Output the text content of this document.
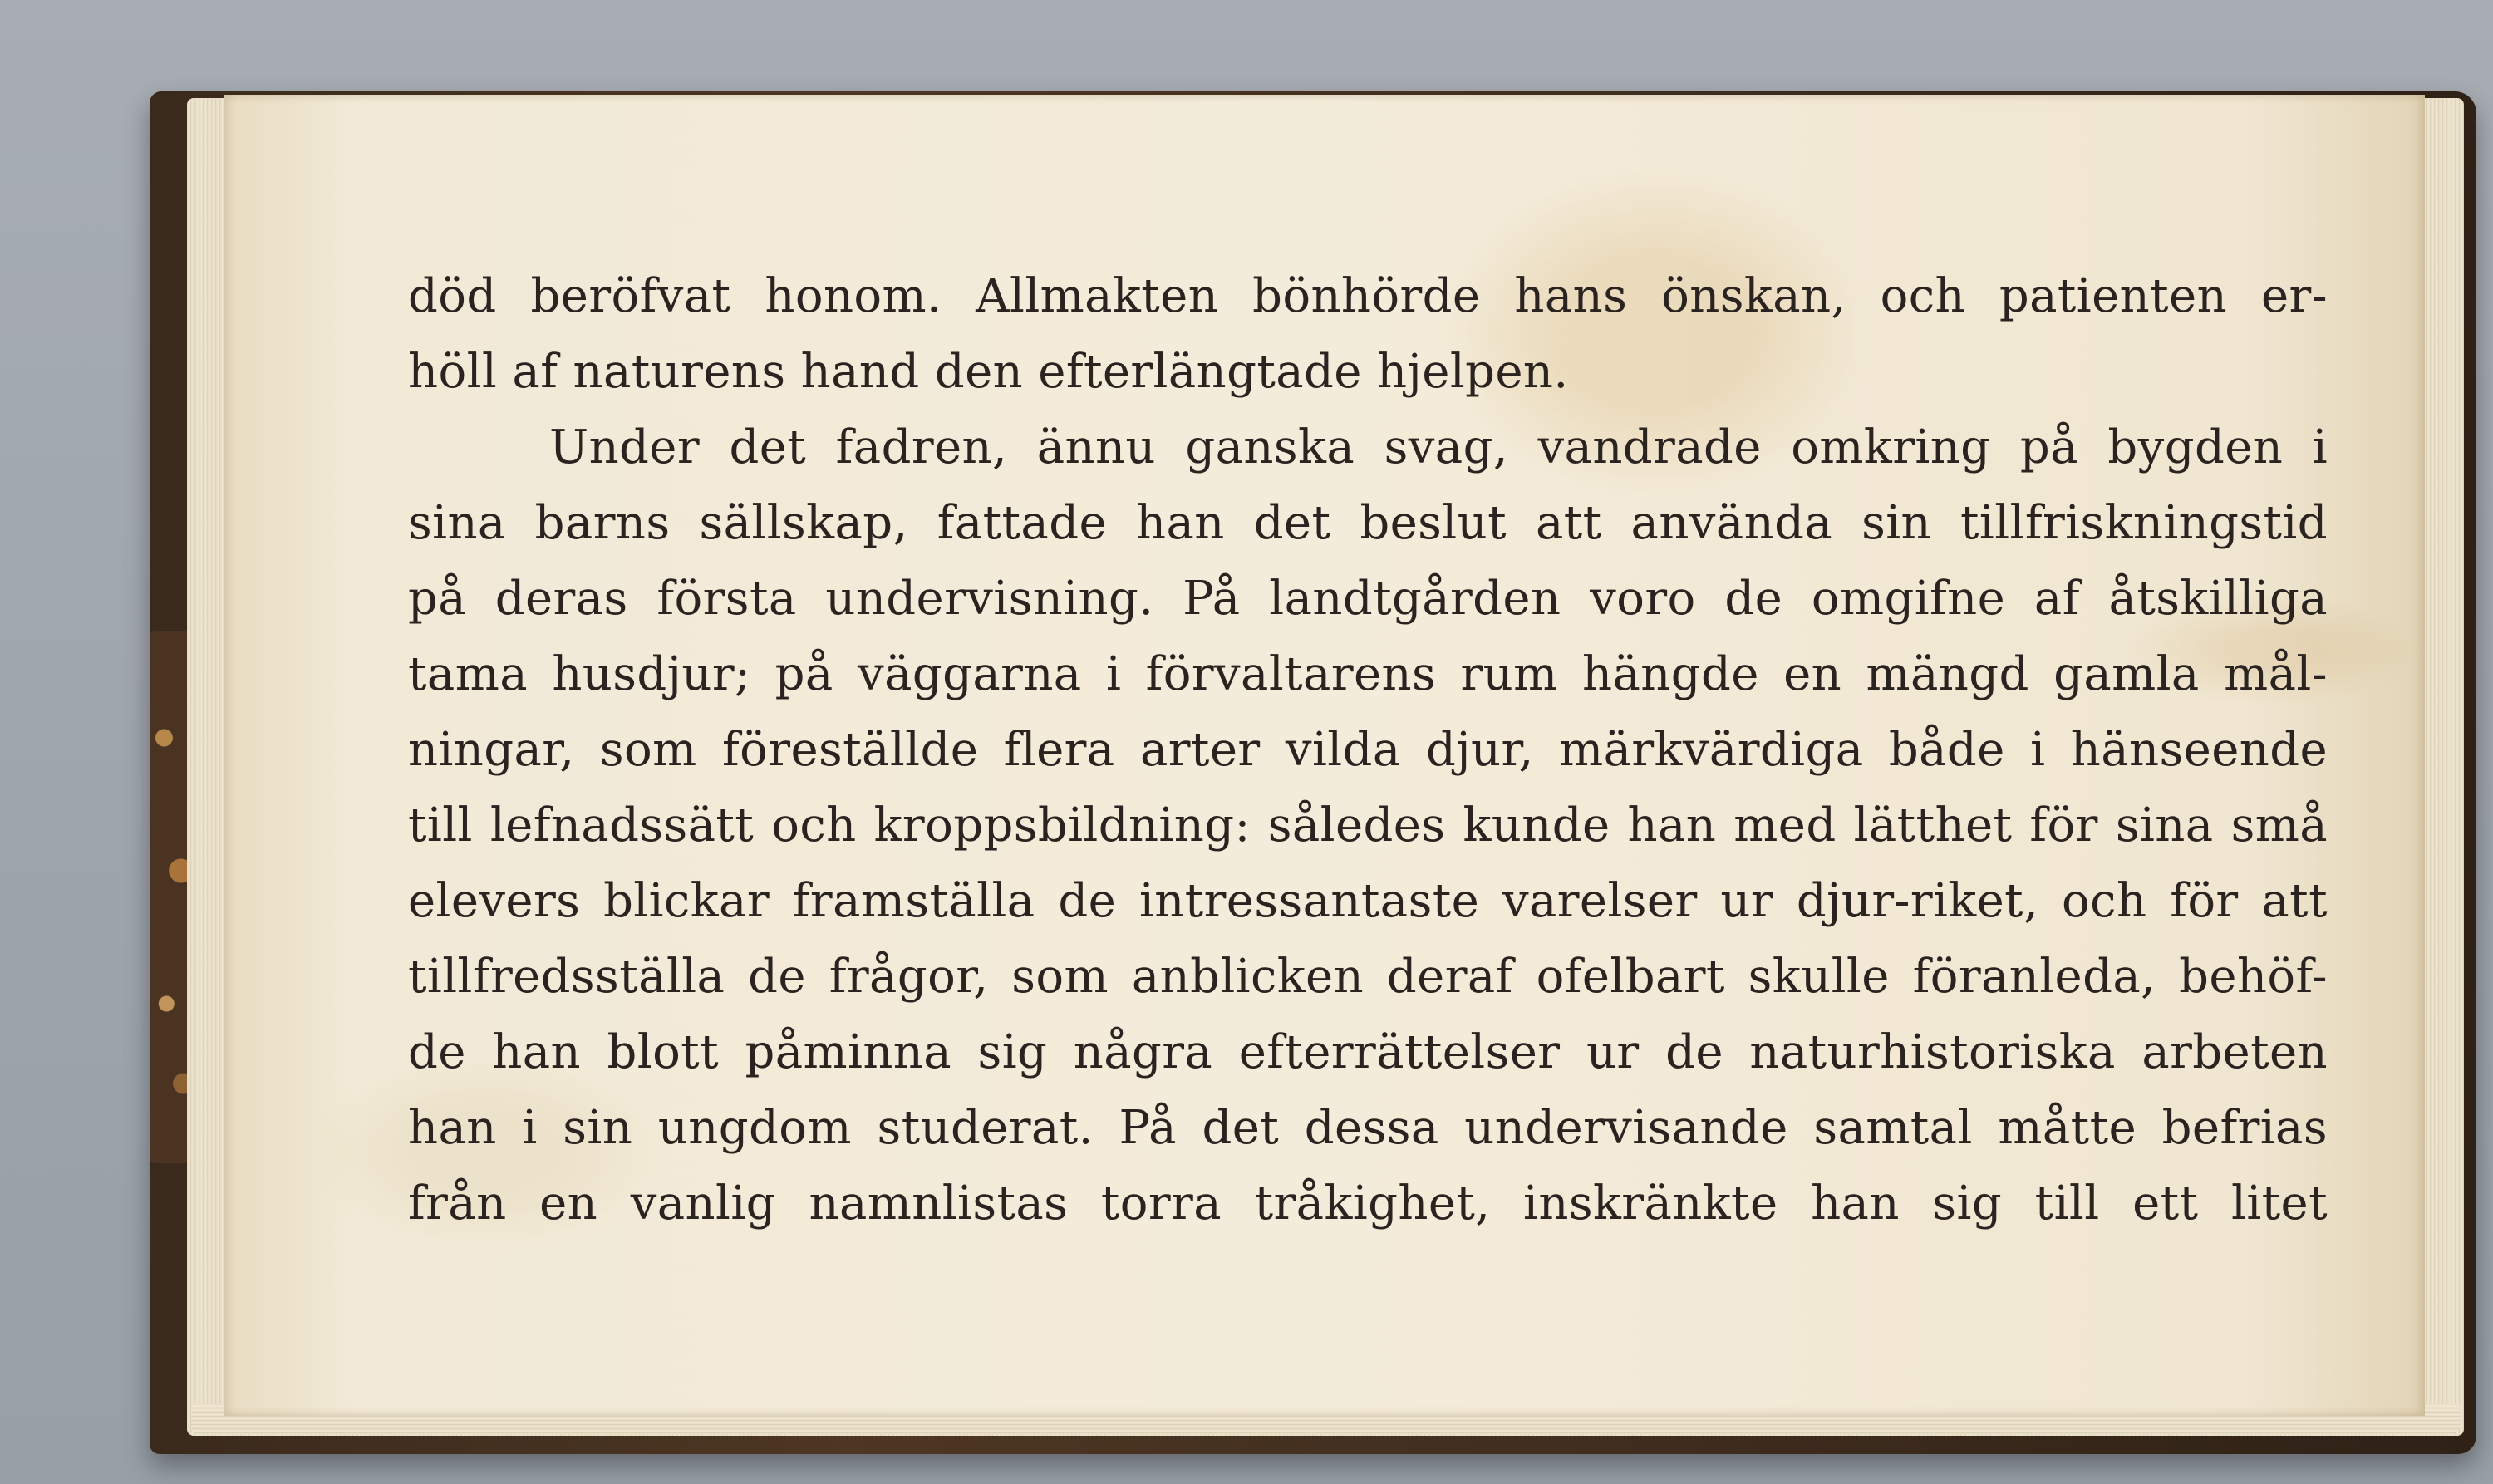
död beröfvat honom. Allmakten bönhörde hans önskan, och patienten er-
höll af naturens hand den efterlängtade hjelpen.
Under det fadren, ännu ganska svag, vandrade omkring på bygden i
sina barns sällskap, fattade han det beslut att använda sin tillfriskningstid
på deras första undervisning. På landtgården voro de omgifne af åtskilliga
tama husdjur; på väggarna i förvaltarens rum hängde en mängd gamla mål-
ningar, som föreställde flera arter vilda djur, märkvärdiga både i hänseende
till lefnadssätt och kroppsbildning: således kunde han med lätthet för sina små
elevers blickar framställa de intressantaste varelser ur djur-riket, och för att
tillfredsställa de frågor, som anblicken deraf ofelbart skulle föranleda, behöf-
de han blott påminna sig några efterrättelser ur de naturhistoriska arbeten
han i sin ungdom studerat. På det dessa undervisande samtal måtte befrias
från en vanlig namnlistas torra tråkighet, inskränkte han sig till ett litet
